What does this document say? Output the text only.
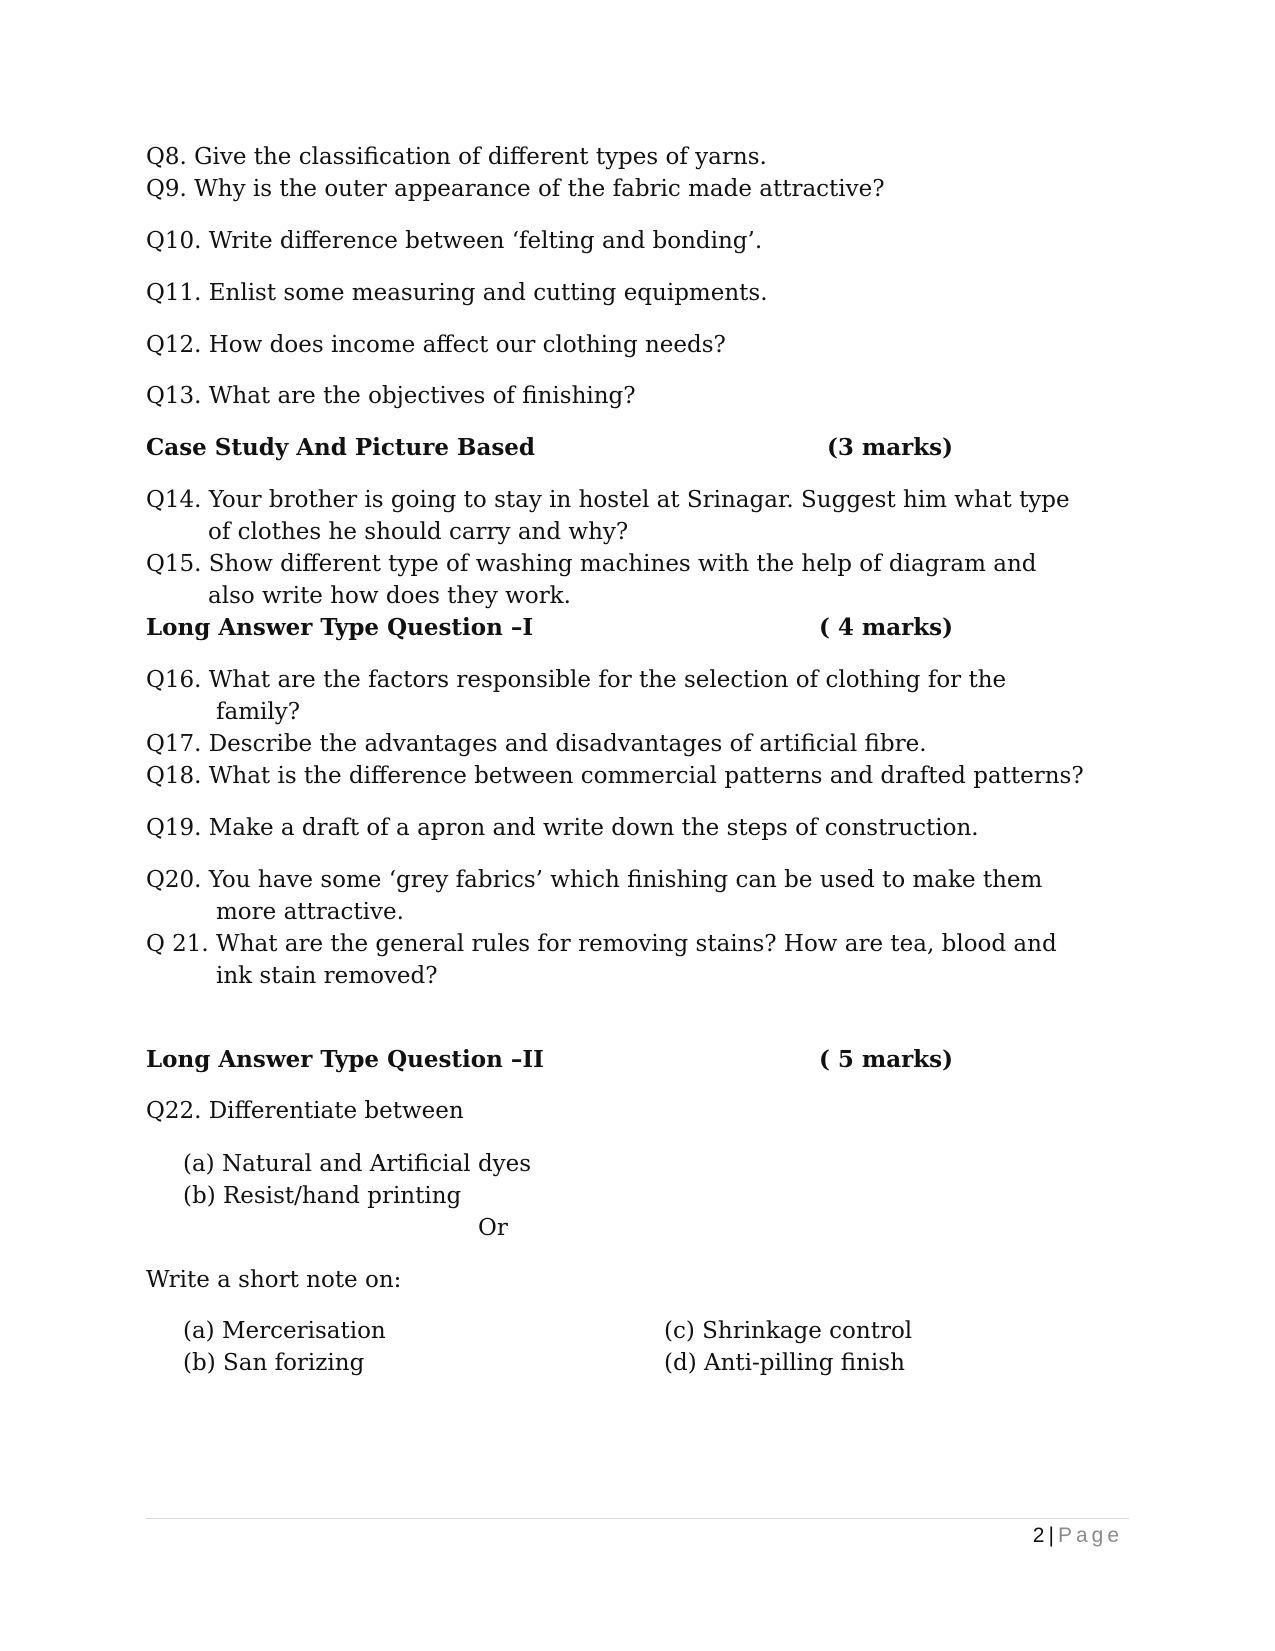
Q8. Give the classification of different types of yarns.
Q9. Why is the outer appearance of the fabric made attractive?
Q10. Write difference between ‘felting and bonding’.
Q11. Enlist some measuring and cutting equipments.
Q12. How does income affect our clothing needs?
Q13. What are the objectives of finishing?
Case Study And Picture Based	(3 marks)
Q14. Your brother is going to stay in hostel at Srinagar. Suggest him what type
of clothes he should carry and why?
Q15. Show different type of washing machines with the help of diagram and
also write how does they work.
Long Answer Type Question –I	( 4 marks)
Q16. What are the factors responsible for the selection of clothing for the
family?
Q17. Describe the advantages and disadvantages of artificial fibre.
Q18. What is the difference between commercial patterns and drafted patterns?
Q19. Make a draft of a apron and write down the steps of construction.
Q20. You have some ‘grey fabrics’ which finishing can be used to make them
more attractive.
Q 21. What are the general rules for removing stains? How are tea, blood and
ink stain removed?
Long Answer Type Question –II	( 5 marks)
Q22. Differentiate between
(a) Natural and Artificial dyes
(b) Resist/hand printing
Or
Write a short note on:
(a) Mercerisation
(b) San forizing
(c) Shrinkage control
(d) Anti-pilling finish
2 | Page
